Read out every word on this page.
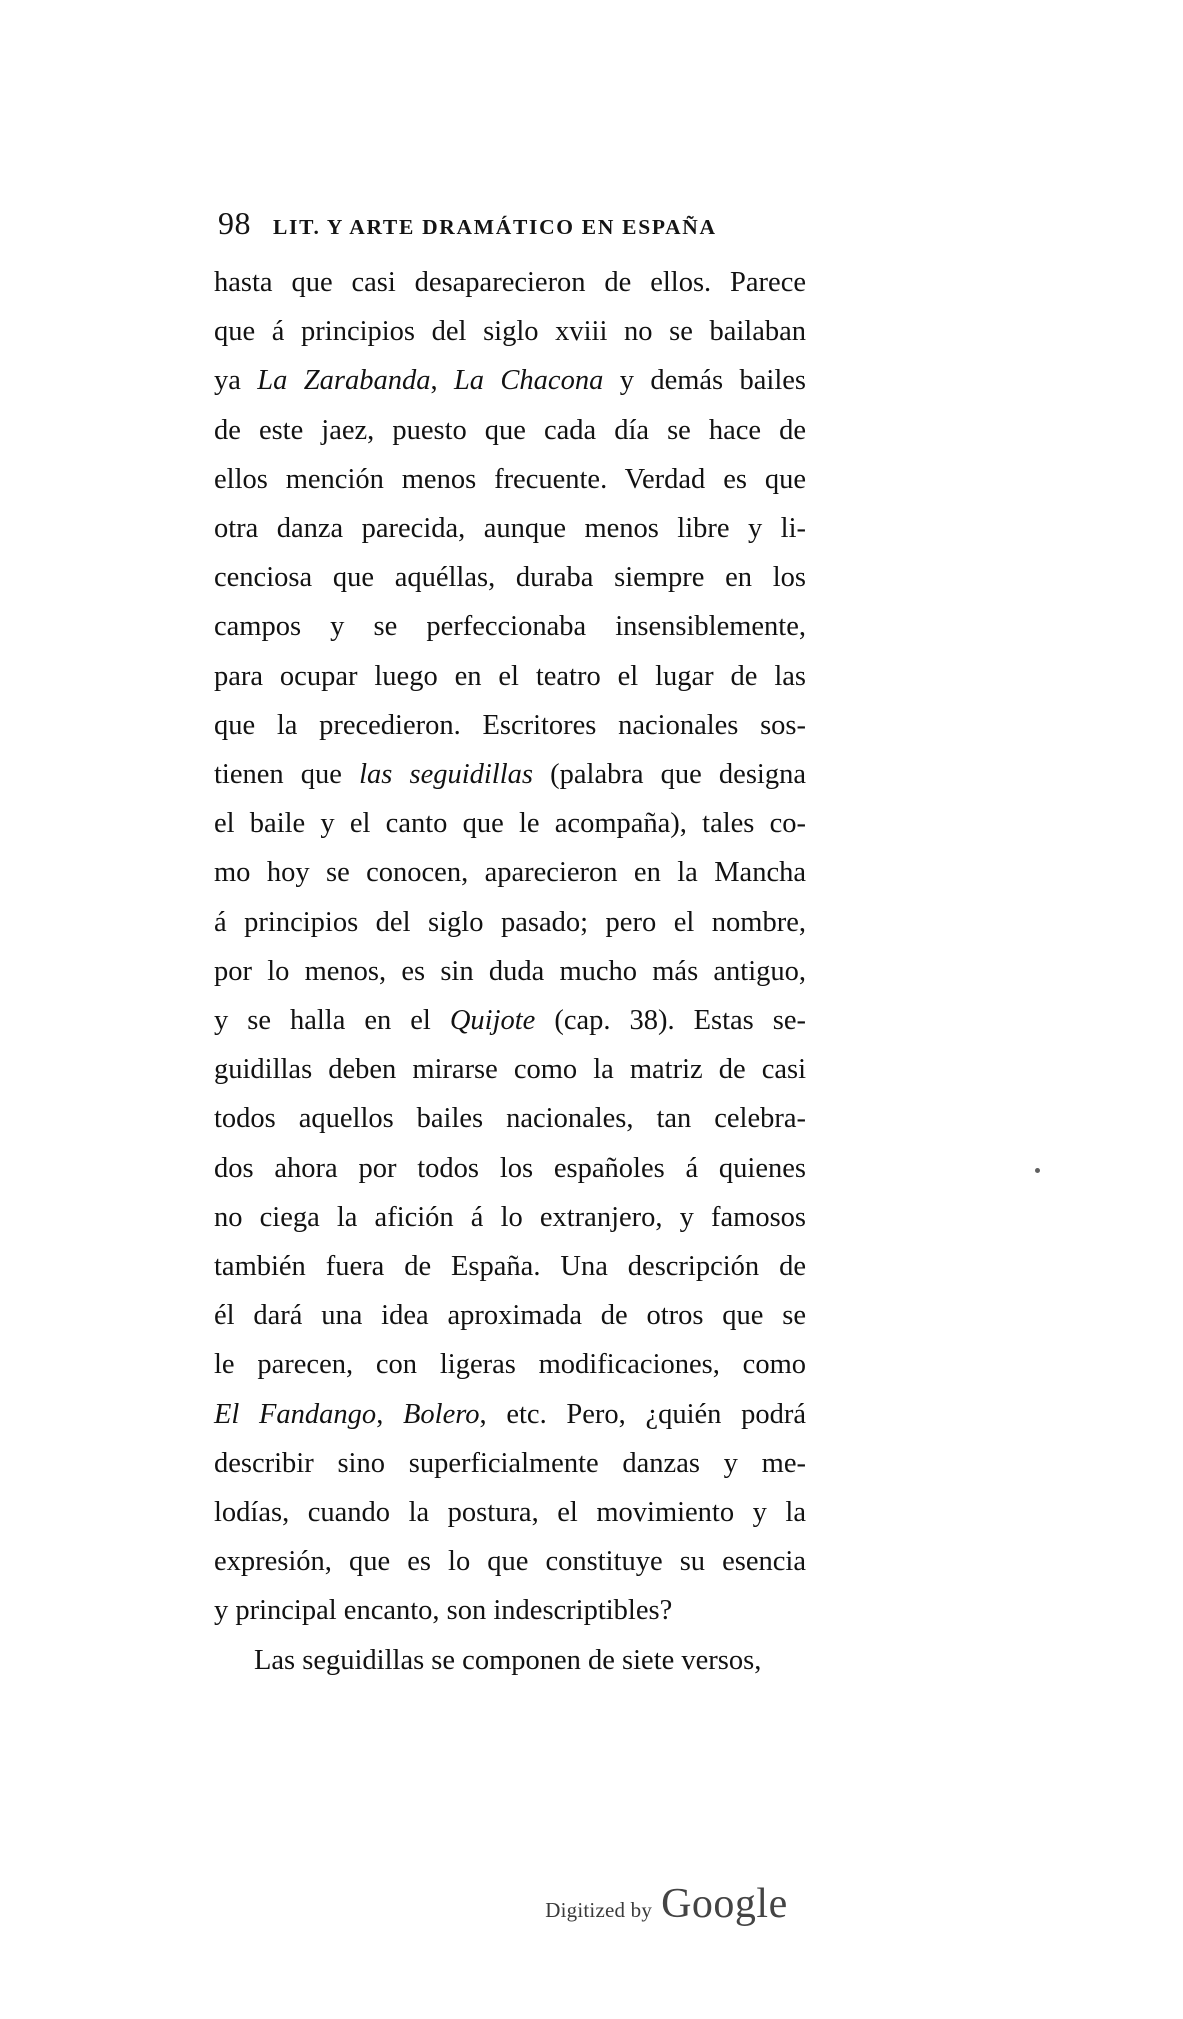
98 LIT. Y ARTE DRAMÁTICO EN ESPAÑA

hasta que casi desaparecieron de ellos. Parece
que á principios del siglo xviii no se bailaban
ya La Zarabanda, La Chacona y demás bailes
de este jaez, puesto que cada día se hace de
ellos mención menos frecuente. Verdad es que
otra danza parecida, aunque menos libre y li-
cenciosa que aquéllas, duraba siempre en los
campos y se perfeccionaba insensiblemente,
para ocupar luego en el teatro el lugar de las
que la precedieron. Escritores nacionales sos-
tienen que las seguidillas (palabra que designa
el baile y el canto que le acompaña), tales co-
mo hoy se conocen, aparecieron en la Mancha
á principios del siglo pasado; pero el nombre,
por lo menos, es sin duda mucho más antiguo,
y se halla en el Quijote (cap. 38). Estas se-
guidillas deben mirarse como la matriz de casi
todos aquellos bailes nacionales, tan celebra-
dos ahora por todos los españoles á quienes
no ciega la afición á lo extranjero, y famosos
también fuera de España. Una descripción de
él dará una idea aproximada de otros que se
le parecen, con ligeras modificaciones, como
El Fandango, Bolero, etc. Pero, ¿quién podrá
describir sino superficialmente danzas y me-
lodías, cuando la postura, el movimiento y la
expresión, que es lo que constituye su esencia
y principal encanto, son indescriptibles?

Las seguidillas se componen de siete versos,

Digitized by Google
